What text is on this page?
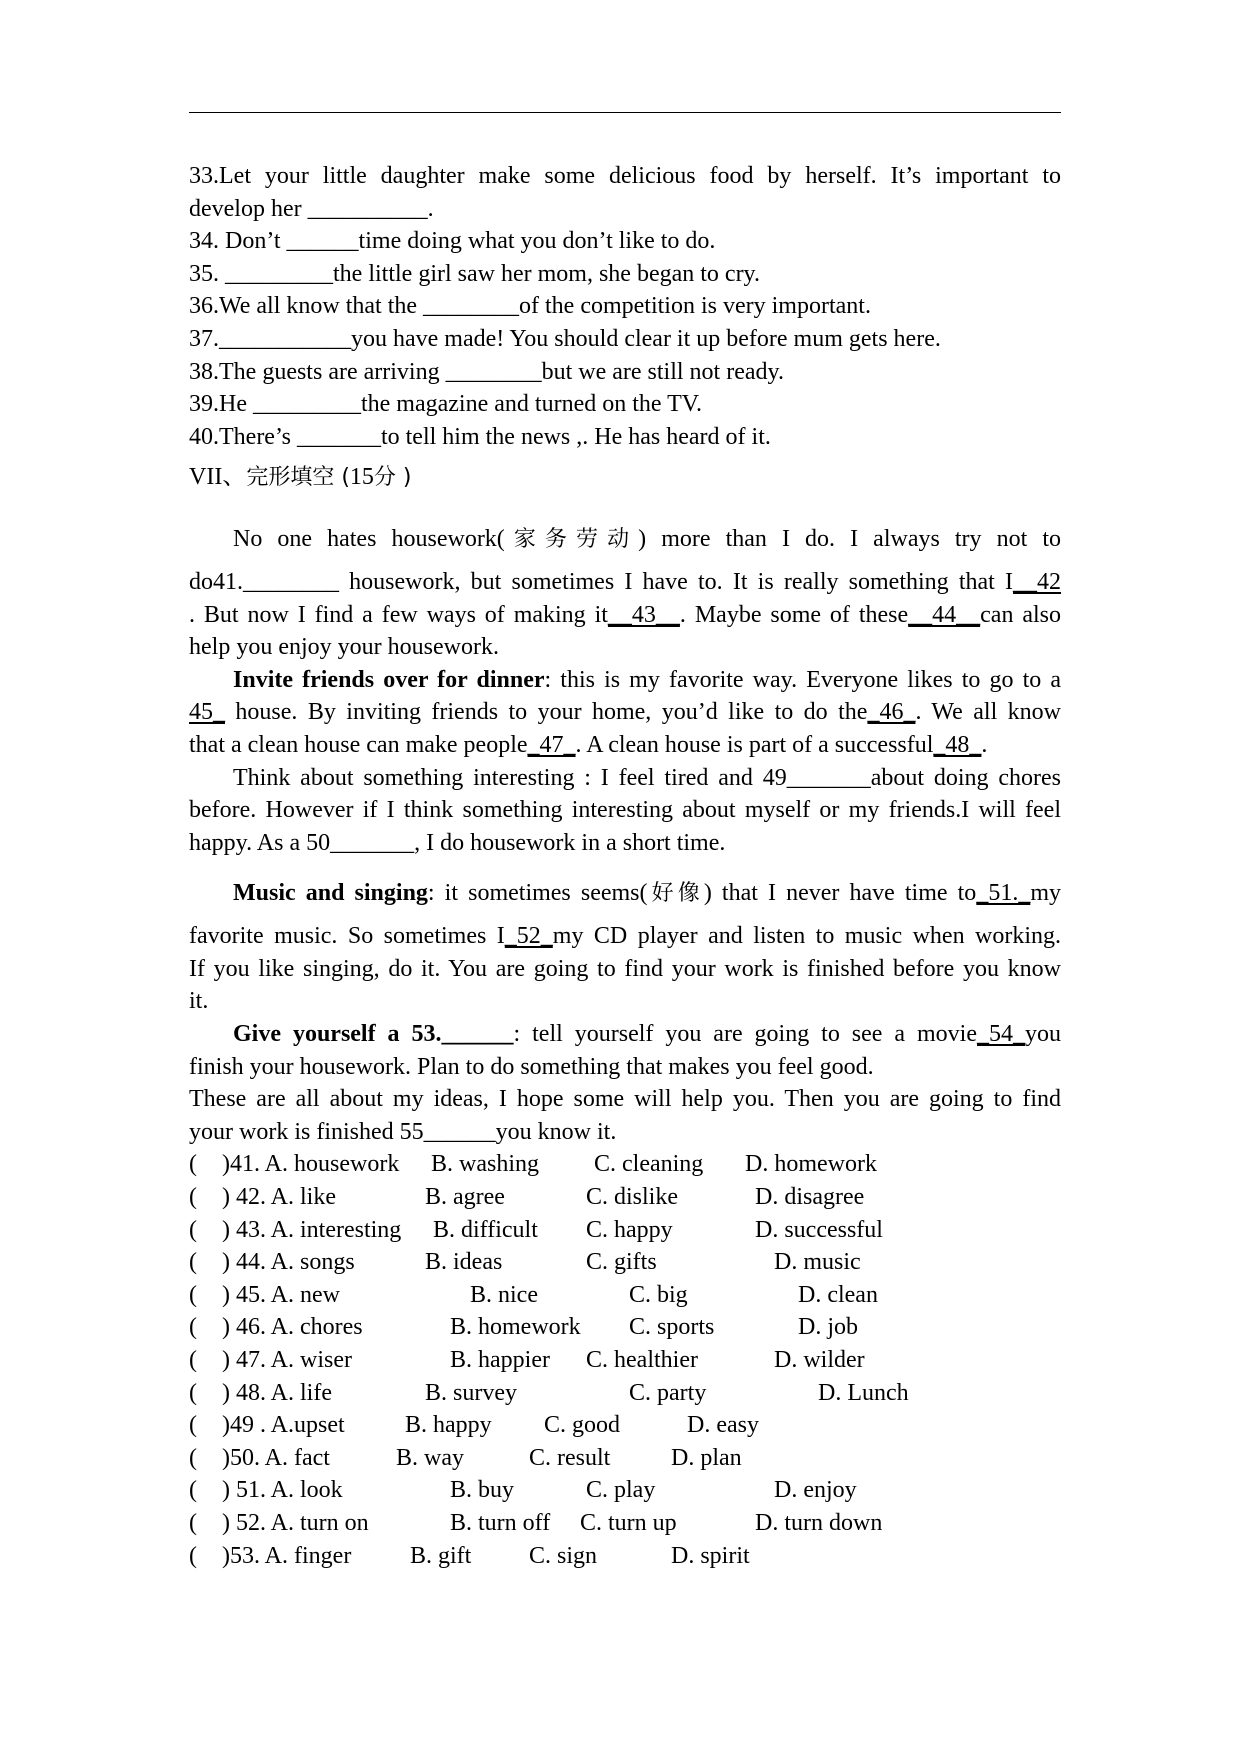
33.Let your little daughter make some delicious food by herself. It’s important to
develop her __________.
34. Don’t ______time doing what you don’t like to do.
35. _________the little girl saw her mom, she began to cry.
36.We all know that the ________of the competition is very important.
37.___________you have made! You should clear it up before mum gets here.
38.The guests are arriving ________but we are still not ready.
39.He _________the magazine and turned on the TV.
40.There’s _______to tell him the news ,. He has heard of it.
VII、完形填空 (15分 )
No one hates housework(家务劳动) more than I do. I always try not to
do41.________ housework, but sometimes I have to. It is really something that I__42
. But now I find a few ways of making it__43__. Maybe some of these__44__can also
help you enjoy your housework.
Invite friends over for dinner: this is my favorite way. Everyone likes to go to a
45_ house. By inviting friends to your home, you’d like to do the_46_. We all know
that a clean house can make people_47_. A clean house is part of a successful_48_.
Think about something interesting : I feel tired and 49_______about doing chores
before. However if I think something interesting about myself or my friends.I will feel
happy. As a 50_______, I do housework in a short time.
Music and singing: it sometimes seems(好像) that I never have time to_51._my
favorite music. So sometimes I_52_my CD player and listen to music when working.
If you like singing, do it. You are going to find your work is finished before you know
it.
Give yourself a 53.______: tell yourself you are going to see a movie_54_you
finish your housework. Plan to do something that makes you feel good.
These are all about my ideas, I hope some will help you. Then you are going to find
your work is finished 55______you know it.
( )41. A. housework B. washing C. cleaning D. homework
( ) 42. A. like	B. agree	C. dislike	D. disagree
( ) 43. A. interesting B. difficult C. happy	D. successful
( ) 44. A. songs	B. ideas	C. gifts	D. music
( ) 45. A. new	B. nice	C. big	D. clean
( ) 46. A. chores	B. homework C. sports	D. job
( ) 47. A. wiser	B. happier C. healthier	D. wilder
( ) 48. A. life	B. survey	C. party	D. Lunch
( )49 . A.upset	B. happy C. good	D. easy
( )50. A. fact	B. way	C. result	D. plan
( ) 51. A. look	B. buy	C. play	D. enjoy
( ) 52. A. turn on	B. turn off C. turn up	D. turn down
( )53. A. finger B. gift C. sign	D. spirit
